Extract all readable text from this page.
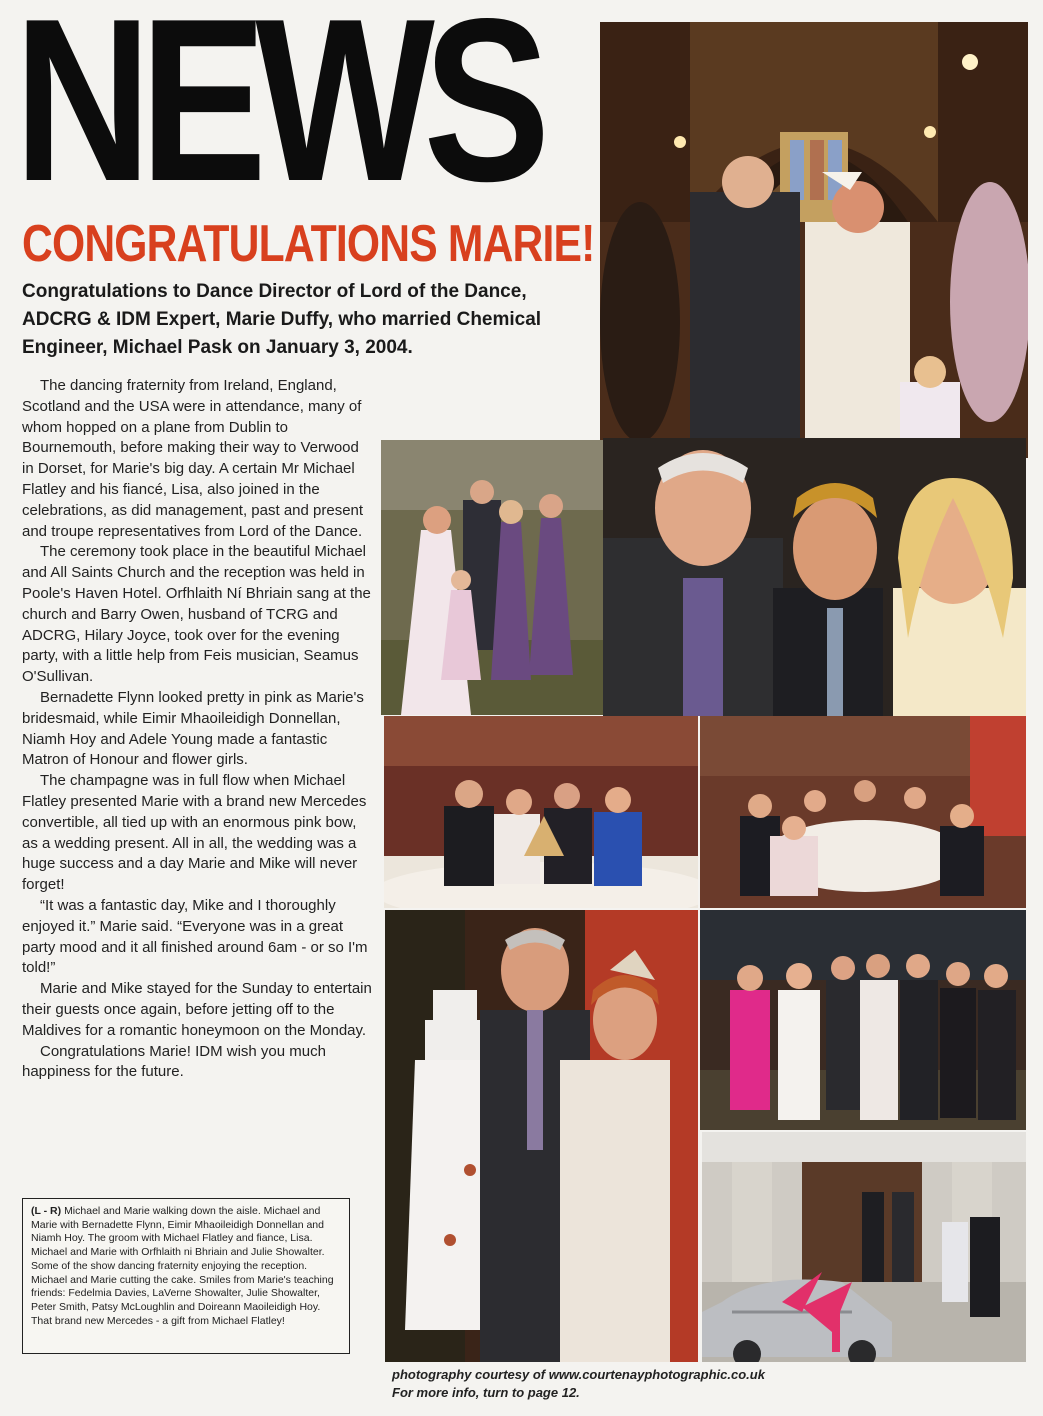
NEWS
CONGRATULATIONS MARIE!
Congratulations to Dance Director of Lord of the Dance, ADCRG & IDM Expert, Marie Duffy, who married Chemical Engineer, Michael Pask on January 3, 2004.

The dancing fraternity from Ireland, England, Scotland and the USA were in attendance, many of whom hopped on a plane from Dublin to Bournemouth, before making their way to Verwood in Dorset, for Marie's big day. A certain Mr Michael Flatley and his fiancé, Lisa, also joined in the celebrations, as did management, past and present and troupe representatives from Lord of the Dance.

The ceremony took place in the beautiful Michael and All Saints Church and the reception was held in Poole's Haven Hotel. Orfhlaith Ní Bhriain sang at the church and Barry Owen, husband of TCRG and ADCRG, Hilary Joyce, took over for the evening party, with a little help from Feis musician, Seamus O'Sullivan.

Bernadette Flynn looked pretty in pink as Marie's bridesmaid, while Eimir Mhaoileidigh Donnellan, Niamh Hoy and Adele Young made a fantastic Matron of Honour and flower girls.

The champagne was in full flow when Michael Flatley presented Marie with a brand new Mercedes convertible, all tied up with an enormous pink bow, as a wedding present. All in all, the wedding was a huge success and a day Marie and Mike will never forget!

“It was a fantastic day, Mike and I thoroughly enjoyed it.” Marie said. “Everyone was in a great party mood and it all finished around 6am - or so I'm told!”

Marie and Mike stayed for the Sunday to entertain their guests once again, before jetting off to the Maldives for a romantic honeymoon on the Monday.

Congratulations Marie! IDM wish you much happiness for the future.

(L - R) Michael and Marie walking down the aisle. Michael and Marie with Bernadette Flynn, Eimir Mhaoileidigh Donnellan and Niamh Hoy. The groom with Michael Flatley and fiance, Lisa. Michael and Marie with Orfhlaith ni Bhriain and Julie Showalter. Some of the show dancing fraternity enjoying the reception. Michael and Marie cutting the cake. Smiles from Marie's teaching friends: Fedelmia Davies, LaVerne Showalter, Julie Showalter, Peter Smith, Patsy McLoughlin and Doireann Maoileidigh Hoy. That brand new Mercedes - a gift from Michael Flatley!
photography courtesy of www.courtenayphotographic.co.uk
For more info, turn to page 12.
